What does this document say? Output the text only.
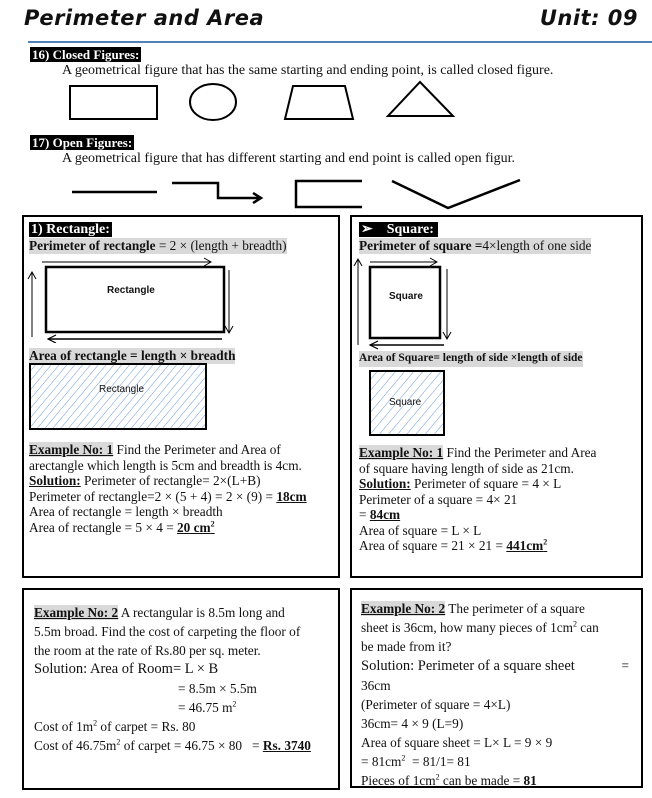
Perimeter and Area	Unit: 09
16) Closed Figures:
A geometrical figure that has the same starting and ending point, is called closed figure.
17) Open Figures:
A geometrical figure that has different starting and end point is called open figur.
1) Rectangle:
Perimeter of rectangle = 2 × (length + breadth)
Rectangle
Area of rectangle = length × breadth
Rectangle
Example No: 1 Find the Perimeter and Area of
arectangle which length is 5cm and breadth is 4cm.
Solution: Perimeter of rectangle= 2×(L+B)
Perimeter of rectangle=2 × (5 + 4) = 2 × (9) = 18cm
Area of rectangle = length × breadth
Area of rectangle = 5 × 4 = 20 $cm^2$
➢ Square:
Perimeter of square =4×length of one side
Square
Area of Square= length of side ×length of side
Square
Example No: 1 Find the Perimeter and Area
of square having length of side as 21cm.
Solution: Perimeter of square = 4 × L
Perimeter of a square = 4× 21
= 84cm
Area of square = L × L
Area of square = $21 \times 21 = 441cm^2$
Example No: 2 A rectangular is 8.5m long and
5.5m broad. Find the cost of carpeting the floor of
the room at the rate of Rs.80 per sq. meter.
Solution: Area of Room= L × B
= 8.5m × 5.5m
= 46.75 $m^2$
Cost of $1m^2$ of carpet = Rs. 80
Cost of $46.75m^2$ of carpet = 46.75 × 80   = Rs. 3740
Example No: 2 The perimeter of a square
sheet is 36cm, how many pieces of $1cm^2$ can
be made from it?
Solution: Perimeter of a square sheet	=
36cm
(Perimeter of square = 4×L)
36cm= 4 × 9 (L=9)
Area of square sheet = L× L = 9 × 9
= $81cm^2 = 81/1= 81$
Pieces of $1cm^2$ can be made = 81
